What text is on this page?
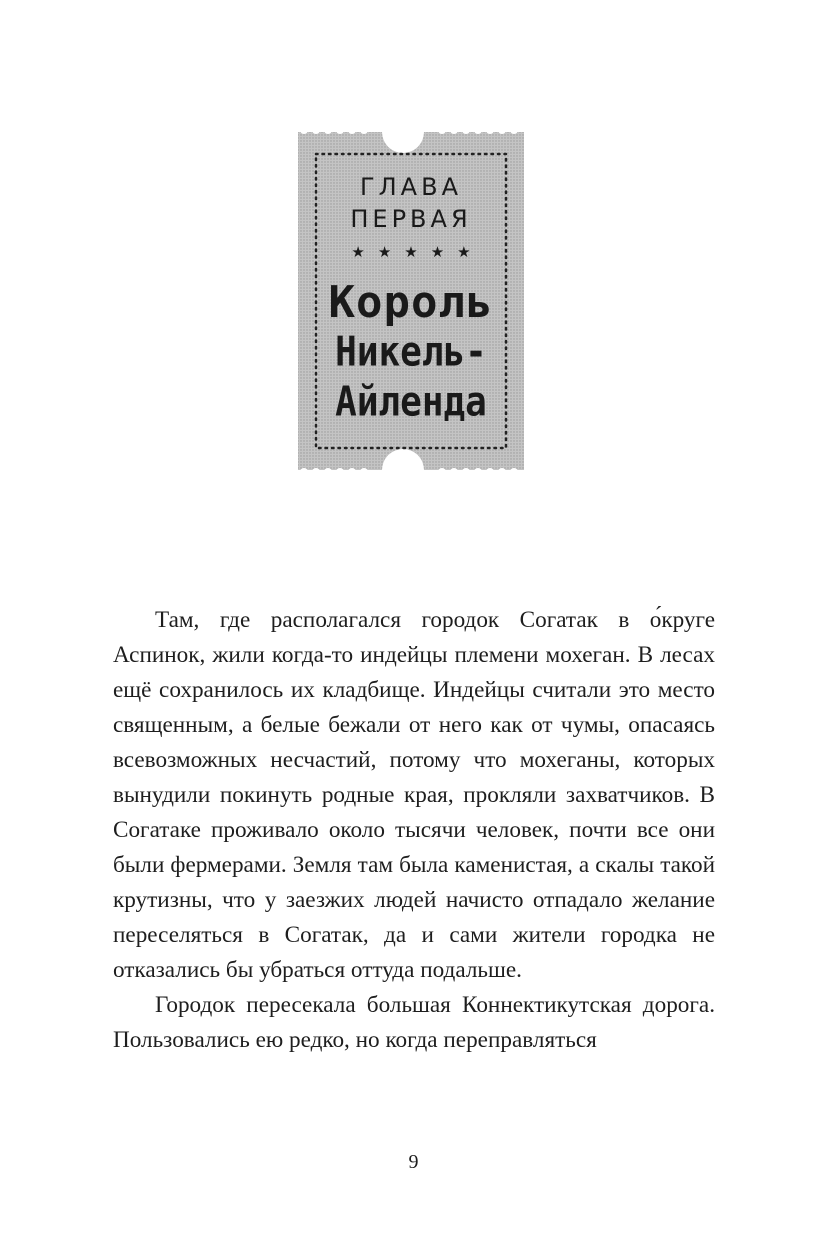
ГЛАВА
ПЕРВАЯ
★★★★★
Король
Никель-
Айленда

Там, где располагался городок Согатак в о́круге Аспинок, жили когда-то индейцы племени мохеган. В лесах ещё сохранилось их кладбище. Индейцы считали это место священным, а белые бежали от него как от чумы, опасаясь всевозможных несчастий, потому что мохеганы, которых вынудили покинуть родные края, прокляли захватчиков. В Согатаке проживало около тысячи человек, почти все они были фермерами. Земля там была каменистая, а скалы такой крутизны, что у заезжих людей начисто отпадало желание переселяться в Согатак, да и сами жители городка не отказались бы убраться оттуда подальше.

Городок пересекала большая Коннектикутская дорога. Пользовались ею редко, но когда переправляться

9
